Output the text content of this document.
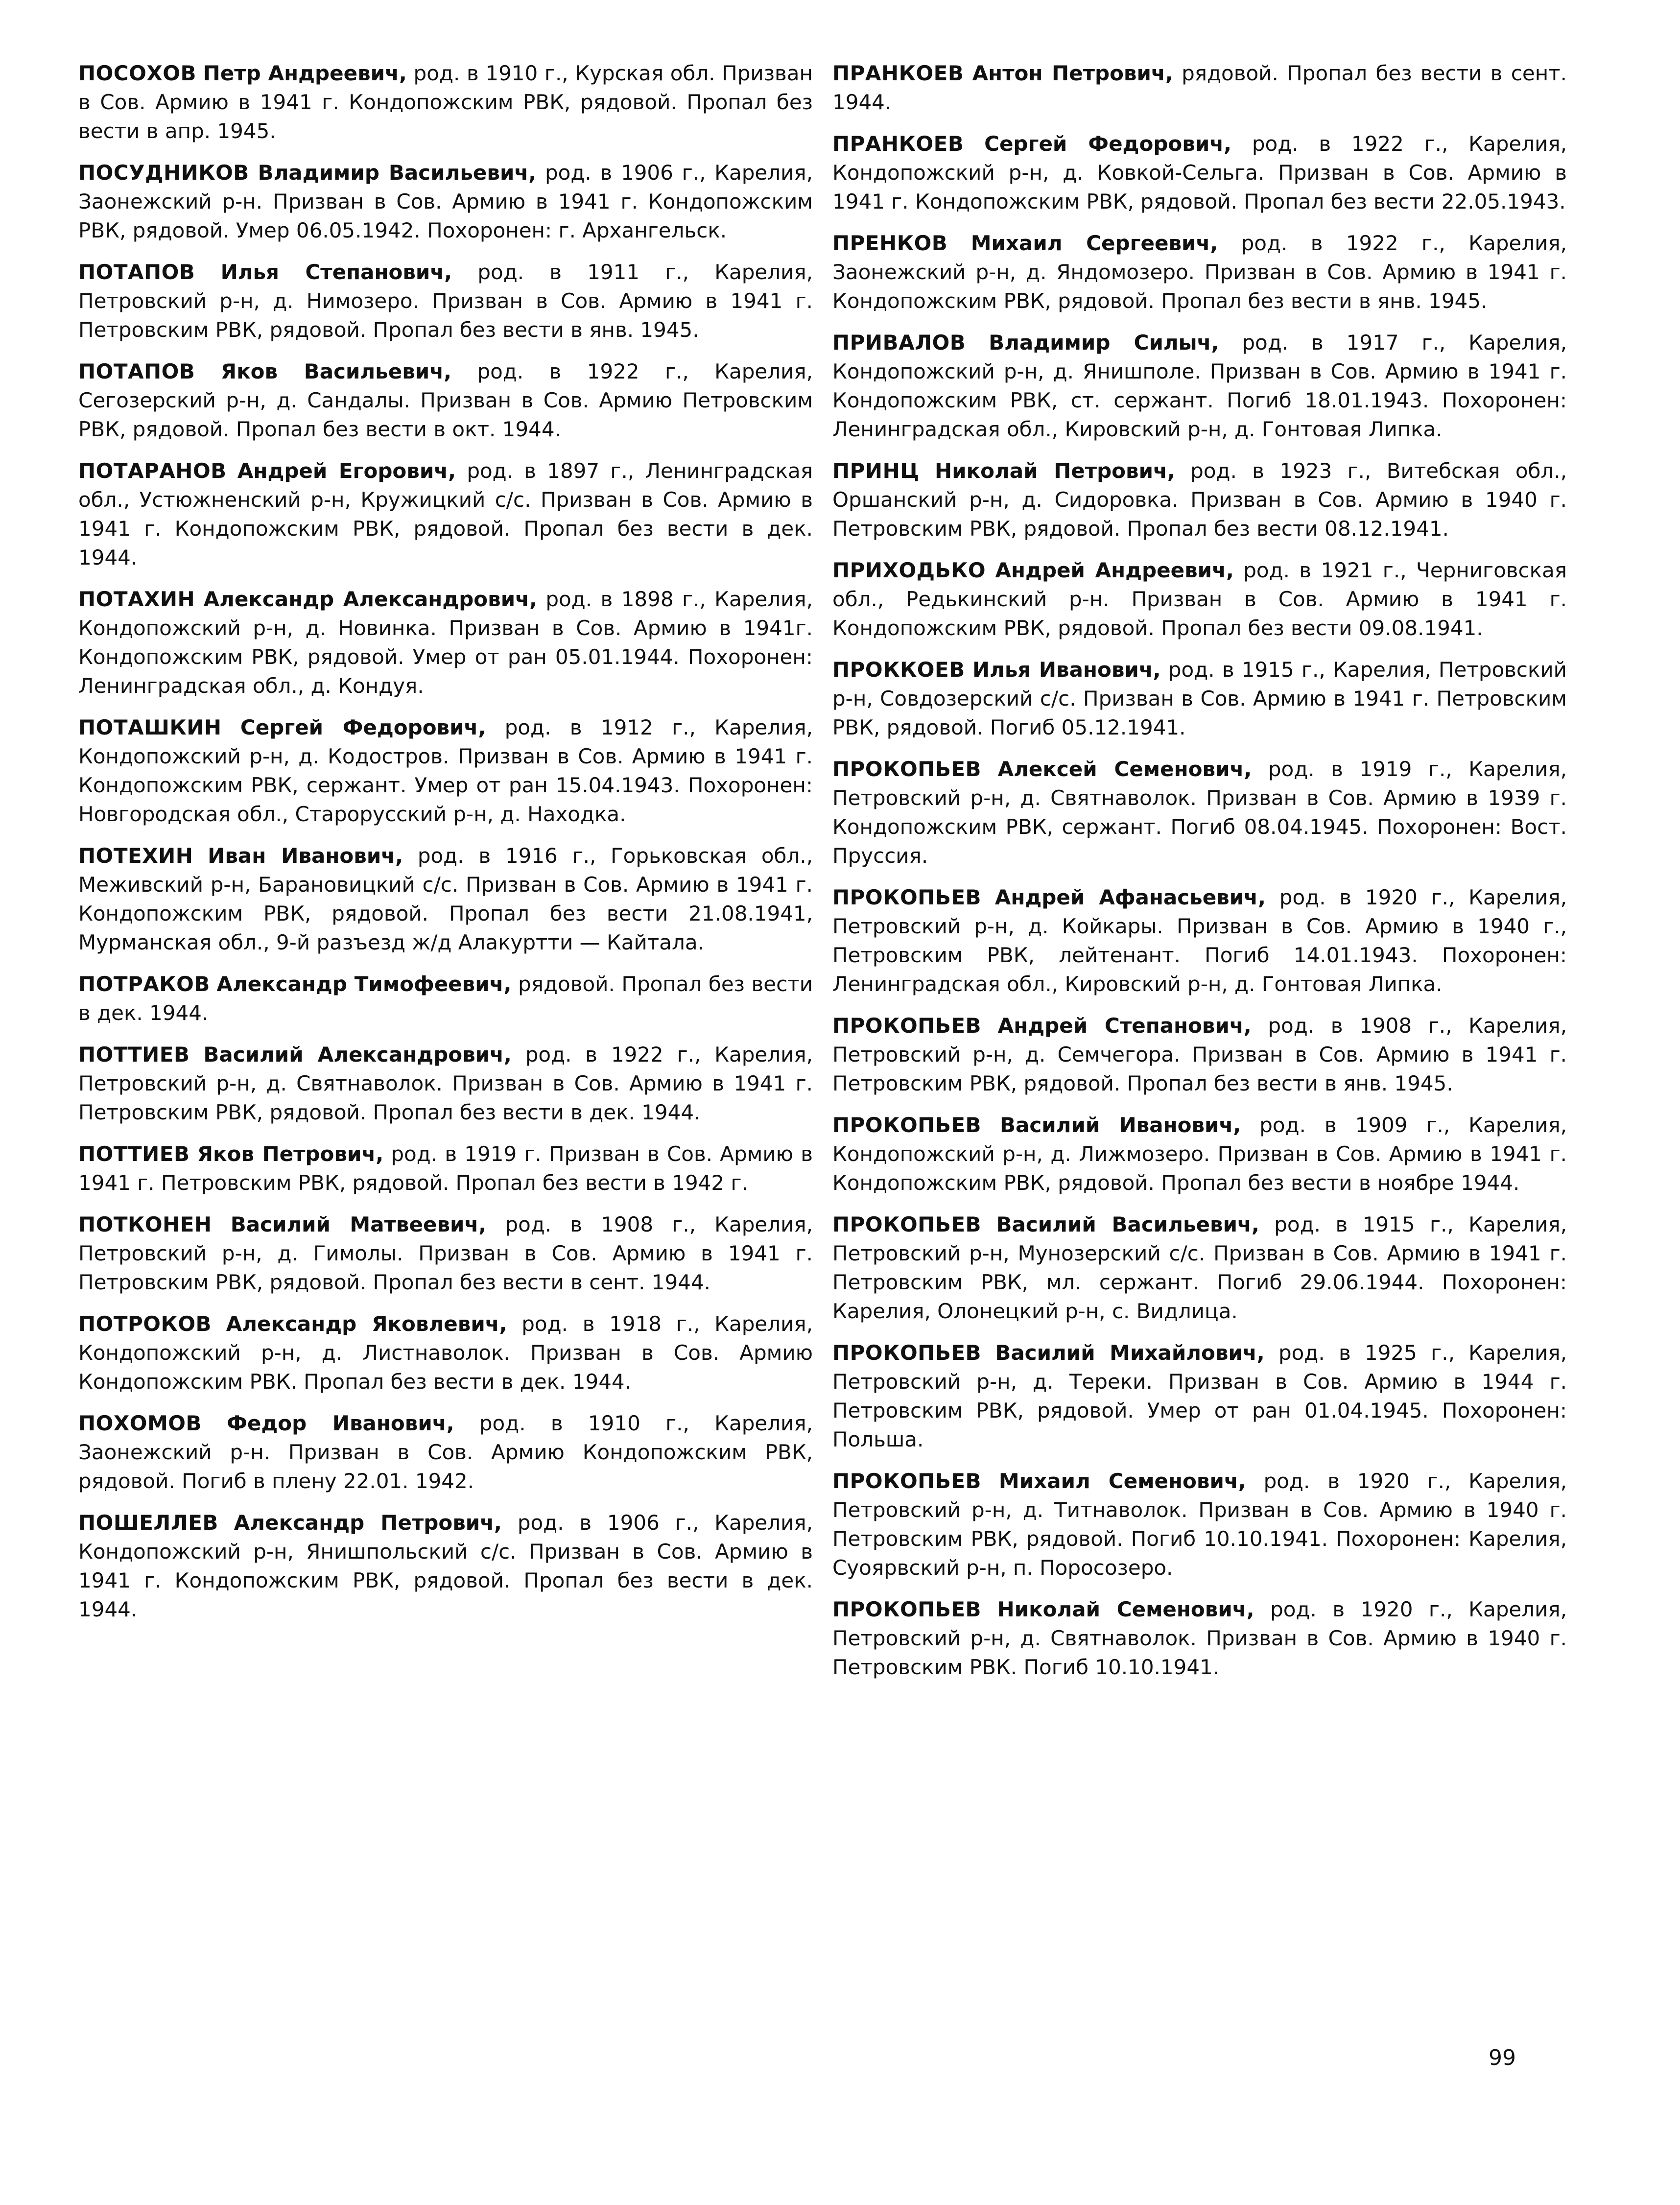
ПОСОХОВ Петр Андреевич, род. в 1910 г., Курская обл. Призван в Сов. Армию в 1941 г. Кондопожским РВК, рядовой. Пропал без вести в апр. 1945.

ПОСУДНИКОВ Владимир Васильевич, род. в 1906 г., Карелия, Заонежский р-н. Призван в Сов. Армию в 1941 г. Кондопожским РВК, рядовой. Умер 06.05.1942. Похоронен: г. Архангельск.

ПОТАПОВ Илья Степанович, род. в 1911 г., Карелия, Петровский р-н, д. Нимозеро. Призван в Сов. Армию в 1941 г. Петровским РВК, рядовой. Пропал без вести в янв. 1945.

ПОТАПОВ Яков Васильевич, род. в 1922 г., Карелия, Сегозерский р-н, д. Сандалы. Призван в Сов. Армию Петровским РВК, рядовой. Пропал без вести в окт. 1944.

ПОТАРАНОВ Андрей Егорович, род. в 1897 г., Ленинградская обл., Устюжненский р-н, Кружицкий с/с. Призван в Сов. Армию в 1941 г. Кондопожским РВК, рядовой. Пропал без вести в дек. 1944.

ПОТАХИН Александр Александрович, род. в 1898 г., Карелия, Кондопожский р-н, д. Новинка. Призван в Сов. Армию в 1941г. Кондопожским РВК, рядовой. Умер от ран 05.01.1944. Похоронен: Ленинградская обл., д. Кондуя.

ПОТАШКИН Сергей Федорович, род. в 1912 г., Карелия, Кондопожский р-н, д. Кодостров. Призван в Сов. Армию в 1941 г. Кондопожским РВК, сержант. Умер от ран 15.04.1943. Похоронен: Новгородская обл., Старорусский р-н, д. Находка.

ПОТЕХИН Иван Иванович, род. в 1916 г., Горьковская обл., Меживский р-н, Барановицкий с/с. Призван в Сов. Армию в 1941 г. Кондопожским РВК, рядовой. Пропал без вести 21.08.1941, Мурманская обл., 9-й разъезд ж/д Алакуртти — Кайтала.

ПОТРАКОВ Александр Тимофеевич, рядовой. Пропал без вести в дек. 1944.

ПОТТИЕВ Василий Александрович, род. в 1922 г., Карелия, Петровский р-н, д. Святнаволок. Призван в Сов. Армию в 1941 г. Петровским РВК, рядовой. Пропал без вести в дек. 1944.

ПОТТИЕВ Яков Петрович, род. в 1919 г. Призван в Сов. Армию в 1941 г. Петровским РВК, рядовой. Пропал без вести в 1942 г.

ПОТКОНЕН Василий Матвеевич, род. в 1908 г., Карелия, Петровский р-н, д. Гимолы. Призван в Сов. Армию в 1941 г. Петровским РВК, рядовой. Пропал без вести в сент. 1944.

ПОТРОКОВ Александр Яковлевич, род. в 1918 г., Карелия, Кондопожский р-н, д. Листнаволок. Призван в Сов. Армию Кондопожским РВК. Пропал без вести в дек. 1944.

ПОХОМОВ Федор Иванович, род. в 1910 г., Карелия, Заонежский р-н. Призван в Сов. Армию Кондопожским РВК, рядовой. Погиб в плену 22.01. 1942.

ПОШЕЛЛЕВ Александр Петрович, род. в 1906 г., Карелия, Кондопожский р-н, Янишпольский с/с. Призван в Сов. Армию в 1941 г. Кондопожским РВК, рядовой. Пропал без вести в дек. 1944.

ПРАНКОЕВ Антон Петрович, рядовой. Пропал без вести в сент. 1944.

ПРАНКОЕВ Сергей Федорович, род. в 1922 г., Карелия, Кондопожский р-н, д. Ковкой-Сельга. Призван в Сов. Армию в 1941 г. Кондопожским РВК, рядовой. Пропал без вести 22.05.1943.

ПРЕНКОВ Михаил Сергеевич, род. в 1922 г., Карелия, Заонежский р-н, д. Яндомозеро. Призван в Сов. Армию в 1941 г. Кондопожским РВК, рядовой. Пропал без вести в янв. 1945.

ПРИВАЛОВ Владимир Силыч, род. в 1917 г., Карелия, Кондопожский р-н, д. Янишполе. Призван в Сов. Армию в 1941 г. Кондопожским РВК, ст. сержант. Погиб 18.01.1943. Похоронен: Ленинградская обл., Кировский р-н, д. Гонтовая Липка.

ПРИНЦ Николай Петрович, род. в 1923 г., Витебская обл., Оршанский р-н, д. Сидоровка. Призван в Сов. Армию в 1940 г. Петровским РВК, рядовой. Пропал без вести 08.12.1941.

ПРИХОДЬКО Андрей Андреевич, род. в 1921 г., Черниговская обл., Редькинский р-н. Призван в Сов. Армию в 1941 г. Кондопожским РВК, рядовой. Пропал без вести 09.08.1941.

ПРОККОЕВ Илья Иванович, род. в 1915 г., Карелия, Петровский р-н, Совдозерский с/с. Призван в Сов. Армию в 1941 г. Петровским РВК, рядовой. Погиб 05.12.1941.

ПРОКОПЬЕВ Алексей Семенович, род. в 1919 г., Карелия, Петровский р-н, д. Святнаволок. Призван в Сов. Армию в 1939 г. Кондопожским РВК, сержант. Погиб 08.04.1945. Похоронен: Вост. Пруссия.

ПРОКОПЬЕВ Андрей Афанасьевич, род. в 1920 г., Карелия, Петровский р-н, д. Койкары. Призван в Сов. Армию в 1940 г., Петровским РВК, лейтенант. Погиб 14.01.1943. Похоронен: Ленинградская обл., Кировский р-н, д. Гонтовая Липка.

ПРОКОПЬЕВ Андрей Степанович, род. в 1908 г., Карелия, Петровский р-н, д. Семчегора. Призван в Сов. Армию в 1941 г. Петровским РВК, рядовой. Пропал без вести в янв. 1945.

ПРОКОПЬЕВ Василий Иванович, род. в 1909 г., Карелия, Кондопожский р-н, д. Лижмозеро. Призван в Сов. Армию в 1941 г. Кондопожским РВК, рядовой. Пропал без вести в ноябре 1944.

ПРОКОПЬЕВ Василий Васильевич, род. в 1915 г., Карелия, Петровский р-н, Мунозерский с/с. Призван в Сов. Армию в 1941 г. Петровским РВК, мл. сержант. Погиб 29.06.1944. Похоронен: Карелия, Олонецкий р-н, с. Видлица.

ПРОКОПЬЕВ Василий Михайлович, род. в 1925 г., Карелия, Петровский р-н, д. Тереки. Призван в Сов. Армию в 1944 г. Петровским РВК, рядовой. Умер от ран 01.04.1945. Похоронен: Польша.

ПРОКОПЬЕВ Михаил Семенович, род. в 1920 г., Карелия, Петровский р-н, д. Титнаволок. Призван в Сов. Армию в 1940 г. Петровским РВК, рядовой. Погиб 10.10.1941. Похоронен: Карелия, Суоярвский р-н, п. Поросозеро.

ПРОКОПЬЕВ Николай Семенович, род. в 1920 г., Карелия, Петровский р-н, д. Святнаволок. Призван в Сов. Армию в 1940 г. Петровским РВК. Погиб 10.10.1941.

99
